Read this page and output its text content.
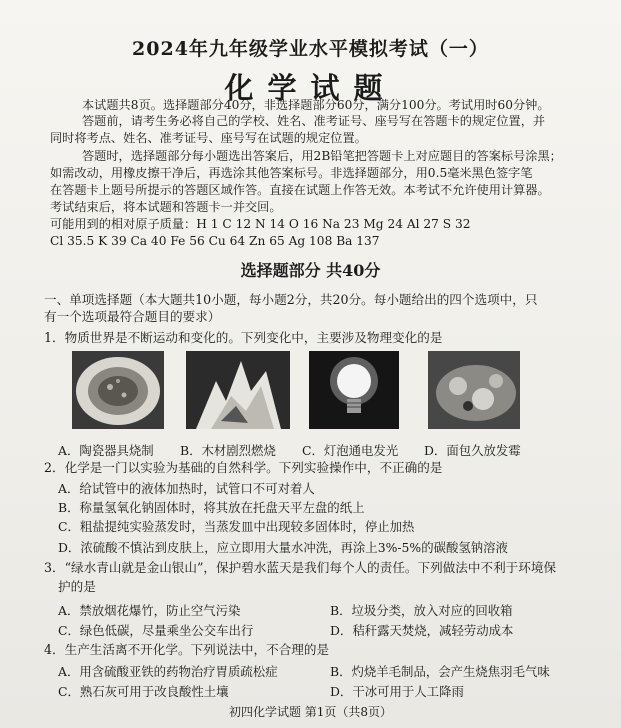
2024年九年级学业水平模拟考试（一）
化学试题
本试题共8页。选择题部分40分，非选择题部分60分，满分100分。考试用时60分钟。
答题前，请考生务必将自己的学校、姓名、准考证号、座号写在答题卡的规定位置，并
同时将考点、姓名、准考证号、座号写在试题的规定位置。
答题时，选择题部分每小题选出答案后，用2B铅笔把答题卡上对应题目的答案标号涂黑；
如需改动，用橡皮擦干净后，再选涂其他答案标号。非选择题部分，用0.5毫米黑色签字笔
在答题卡上题号所提示的答题区域作答。直接在试题上作答无效。本考试不允许使用计算器。
考试结束后，将本试题和答题卡一并交回。
可能用到的相对原子质量：H 1 C 12 N 14 O 16 Na 23 Mg 24 Al 27 S 32
Cl 35.5 K 39 Ca 40 Fe 56 Cu 64 Zn 65 Ag 108 Ba 137
选择题部分 共40分
一、单项选择题（本大题共10小题，每小题2分，共20分。每小题给出的四个选项中，只
有一个选项最符合题目的要求）
1．物质世界是不断运动和变化的。下列变化中，主要涉及物理变化的是
A．陶瓷器具烧制 B．木材剧烈燃烧 C．灯泡通电发光 D．面包久放发霉
2．化学是一门以实验为基础的自然科学。下列实验操作中，不正确的是
A．给试管中的液体加热时，试管口不可对着人
B．称量氢氧化钠固体时，将其放在托盘天平左盘的纸上
C．粗盐提纯实验蒸发时，当蒸发皿中出现较多固体时，停止加热
D．浓硫酸不慎沾到皮肤上，应立即用大量水冲洗，再涂上3%-5%的碳酸氢钠溶液
3．“绿水青山就是金山银山”，保护碧水蓝天是我们每个人的责任。下列做法中不利于环境保
护的是
A．禁放烟花爆竹，防止空气污染	B．垃圾分类，放入对应的回收箱
C．绿色低碳，尽量乘坐公交车出行	D．秸秆露天焚烧，减轻劳动成本
4．生产生活离不开化学。下列说法中，不合理的是
A．用含硫酸亚铁的药物治疗胃质疏松症	B．灼烧羊毛制品，会产生烧焦羽毛气味
C．熟石灰可用于改良酸性土壤	D．干冰可用于人工降雨
初四化学试题 第1页（共8页）
